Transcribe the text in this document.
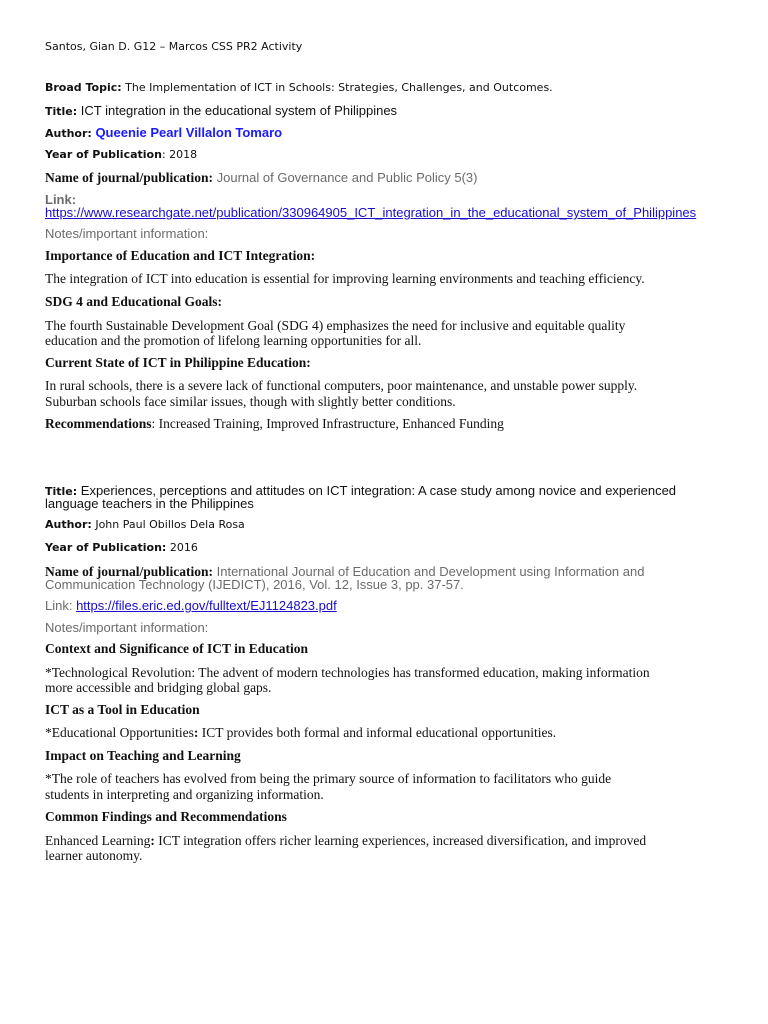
Santos, Gian D. G12 – Marcos CSS PR2 Activity
Broad Topic: The Implementation of ICT in Schools: Strategies, Challenges, and Outcomes.
Title: ICT integration in the educational system of Philippines
Author: Queenie Pearl Villalon Tomaro
Year of Publication: 2018
Name of journal/publication: Journal of Governance and Public Policy 5(3)
Link:
https://www.researchgate.net/publication/330964905_ICT_integration_in_the_educational_system_of_Philippines
Notes/important information:
Importance of Education and ICT Integration:
The integration of ICT into education is essential for improving learning environments and teaching efficiency.
SDG 4 and Educational Goals:
The fourth Sustainable Development Goal (SDG 4) emphasizes the need for inclusive and equitable quality
education and the promotion of lifelong learning opportunities for all.
Current State of ICT in Philippine Education:
In rural schools, there is a severe lack of functional computers, poor maintenance, and unstable power supply.
Suburban schools face similar issues, though with slightly better conditions.
Recommendations: Increased Training, Improved Infrastructure, Enhanced Funding
Title: Experiences, perceptions and attitudes on ICT integration: A case study among novice and experienced
language teachers in the Philippines
Author: John Paul Obillos Dela Rosa
Year of Publication: 2016
Name of journal/publication: International Journal of Education and Development using Information and
Communication Technology (IJEDICT), 2016, Vol. 12, Issue 3, pp. 37-57.
Link: https://files.eric.ed.gov/fulltext/EJ1124823.pdf
Notes/important information:
Context and Significance of ICT in Education
*Technological Revolution: The advent of modern technologies has transformed education, making information
more accessible and bridging global gaps.
ICT as a Tool in Education
*Educational Opportunities: ICT provides both formal and informal educational opportunities.
Impact on Teaching and Learning
*The role of teachers has evolved from being the primary source of information to facilitators who guide
students in interpreting and organizing information.
Common Findings and Recommendations
Enhanced Learning: ICT integration offers richer learning experiences, increased diversification, and improved
learner autonomy.
